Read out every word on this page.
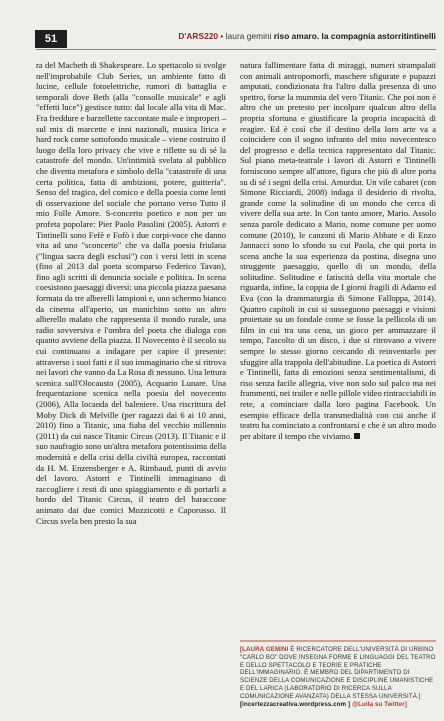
51	D'ARS220 • laura gemini riso amaro. la compagnia astorritintinelli

ra del Macbeth di Shakespeare. Lo spettacolo si svolge nell'improbabile Club Series, un ambiente fatto di lucine, cellule fotoelettriche, rumori di battaglia e temporali dove Beth (alla "consolle musicale" e agli "effetti luce") gestisce tutto: dal locale alla vita di Mac. Fra freddure e barzellette raccontate male e improperi – sul mix di marcette e inni nazionali, musica lirica e hard rock come sottofondo musicale – viene costruito il luogo della loro privacy che vive e riflette su di sé la catastrofe del mondo. Un'intimità svelata al pubblico che diventa metafora e simbolo della "catastrofe di una certa politica, fatta di ambizioni, potere, guitteria". Senso del tragico, del comico e della poesia come lenti di osservazione del sociale che portano verso Tutto il mio Folle Amore. S-concerto poetico e non per un profeta popolare: Pier Paolo Pasolini (2005). Astorri e Tintinelli sono Fefè e Fofò i due corpi-voce che danno vita ad uno "sconcerto" che va dalla poesia friulana ("lingua sacra degli esclusi") con i versi letti in scena (fino al 2013 dal poeta scomparso Federico Tavan), fino agli scritti di denuncia sociale e politica. In scena coesistono paesaggi diversi: una piccola piazza paesana formata da tre alberelli lampioni e, uno schermo bianco da cinema all'aperto, un manichino sotto un altro alberello malato che rappresenta il mondo rurale, una radio sovversiva e l'ombra del poeta che dialoga con quanto avviene della piazza. Il Novecento è il secolo su cui continuano a indagare per capire il presente: attraverso i suoi fatti e il suo immaginario che si ritrova nei lavori che vanno da La Rosa di nessuno. Una lettura scenica sull'Olocausto (2005), Acquario Lunare. Una frequentazione scenica nella poesia del novecento (2006), Alla locanda del baleniere. Una riscrittura del Moby Dick di Melville (per ragazzi dai 6 ai 10 anni, 2010) fino a Titanic, una fiaba del vecchio millennio (2011) da cui nasce Titanic Circus (2013). Il Titanic e il suo naufragio sono un'altra metafora potentissima della modernità e della crisi della civiltà europea, raccontati da H. M. Enzensberger e A. Rimbaud, punti di avvio del lavoro. Astorri e Tintinelli immaginano di raccogliere i resti di uno spiaggiamento e di portarli a bordo del Titanic Circus, il teatro del baraccone animato dai due comici Mozzicotti e Caporusso. Il Circus svela ben presto la sua

natura fallimentare fatta di miraggi, numeri strampalati con animali antropomorfi, maschere sfigurate e pupazzi amputati, condizionata fra l'altro dalla presenza di uno spettro, forse la mummia del vero Titanic. Che poi non è altro che un pretesto per incolpare qualcun altro della propria sfortuna e giustificare la propria incapacità di reagire. Ed è così che il destino della loro arte va a coincidere con il sogno infranto del mito novecentesco del progresso e della tecnica rappresentato dal Titanic. Sul piano meta-teatrale i lavori di Astorri e Tintinelli forniscono sempre all'attore, figura che più di altre porta su di sé i segni della crisi. Amurdur. Un vile cabaret (con Simone Ricciardi, 2008) indaga il desiderio di rivolta, grande come la solitudine di un mondo che cerca di vivere della sua arte. In Con tanto amore, Mario. Assolo senza parole dedicato a Mario, nome comune per uomo comune (2010), le canzoni di Mario Abbate e di Enzo Jannacci sono lo sfondo su cui Paola, che qui porta in scena anche la sua esperienza da postina, disegna uno struggente paesaggio, quello di un mondo, della solitudine. Solitudine e fatiscità della vita mortale che riguarda, infine, la coppia de I giorni fragili di Adamo ed Eva (con la drammaturgia di Simone Falloppa, 2014). Quattro capitoli in cui si susseguono paesaggi e visioni proiettate su un fondale come se fosse la pellicola di un film in cui tra una cena, un gioco per ammazzare il tempo, l'ascolto di un disco, i due si ritrovano a vivere sempre lo stesso giorno cercando di reinventarlo per sfuggire alla trappola dell'abitudine. La poetica di Astorri e Tintinelli, fatta di emozioni senza sentimentalismi, di riso senza facile allegria, vive non solo sul palco ma nei frammenti, nei trailer e nelle pillole video rintracciabili in rete, a cominciare dalla loro pagina Facebook. Un esempio efficace della transmedialità con cui anche il teatro ha cominciato a confrontarsi e che è un altro modo per abitare il tempo che viviamo.

[LAURA GEMINI È RICERCATORE DELL'UNIVERSITÀ DI URBINO "CARLO BO" DOVE INSEGNA FORME E LINGUAGGI DEL TEATRO E DELLO SPETTACOLO E TEORIE E PRATICHE DELL'IMMAGINARIO. È MEMBRO DEL DIPARTIMENTO DI SCIENZE DELLA COMUNICAZIONE E DISCIPLINE UMANISTICHE E DEL LARICA (LABORATORIO DI RICERCA SULLA COMUNICAZIONE AVANZATA) DELLA STESSA UNIVERSITÀ.]
[incertezzacreativa.wordpress.com ] @Luila su Twitter]
